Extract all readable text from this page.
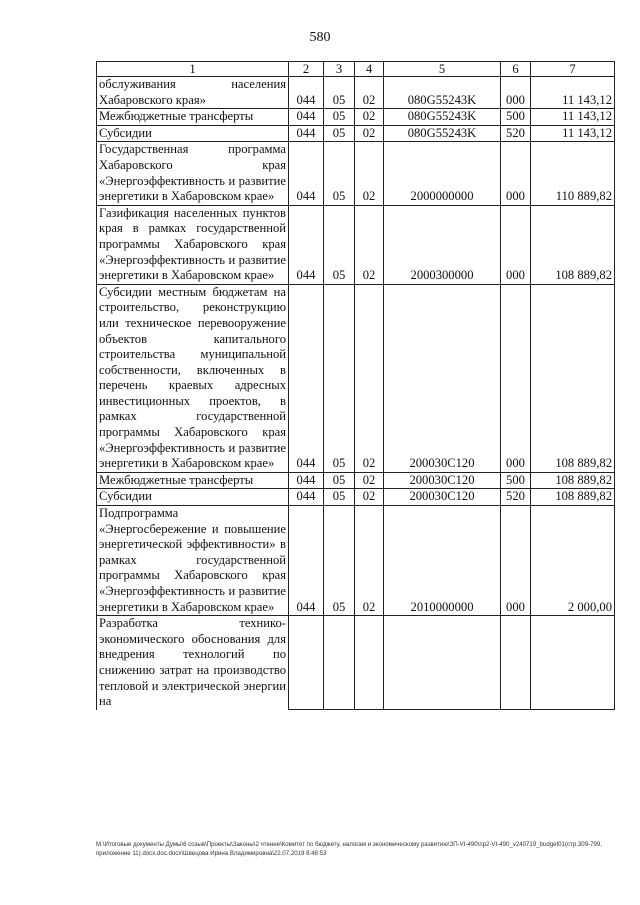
580
1	2	3	4	5	6	7
обслуживания населения Хабаровского края»	044	05	02	080G55243K	000	11 143,12
Межбюджетные трансферты	044	05	02	080G55243K	500	11 143,12
Субсидии	044	05	02	080G55243K	520	11 143,12
Государственная программа Хабаровского края «Энергоэффективность и развитие энергетики в Хабаровском крае»	044	05	02	2000000000	000	110 889,82
Газификация населенных пунктов края в рамках государственной программы Хабаровского края «Энергоэффективность и развитие энергетики в Хабаровском крае»	044	05	02	2000300000	000	108 889,82
Субсидии местным бюджетам на строительство, реконструкцию или техническое перевооружение объектов капитального строительства муниципальной собственности, включенных в перечень краевых адресных инвестиционных проектов, в рамках государственной программы Хабаровского края «Энергоэффективность и развитие энергетики в Хабаровском крае»	044	05	02	200030C120	000	108 889,82
Межбюджетные трансферты	044	05	02	200030C120	500	108 889,82
Субсидии	044	05	02	200030C120	520	108 889,82
Подпрограмма «Энергосбережение и повышение энергетической эффективности» в рамках государственной программы Хабаровского края «Энергоэффективность и развитие энергетики в Хабаровском крае»	044	05	02	2010000000	000	2 000,00
Разработка технико-экономического обоснования для внедрения технологий по снижению затрат на производство тепловой и электрической энергии на						
M:\Итоговые документы Думы\6 созыв\Проекты\Законы\2 чтение\Комитет по бюджету, налогам и экономическому развитию\ЗП-VI-490\пр2-VI-490_v240719_budget01(стр.309-799, приложение 11).docx.doc.docx\Швецова Ирина Владимировна\22.07.2019 8:48:53
